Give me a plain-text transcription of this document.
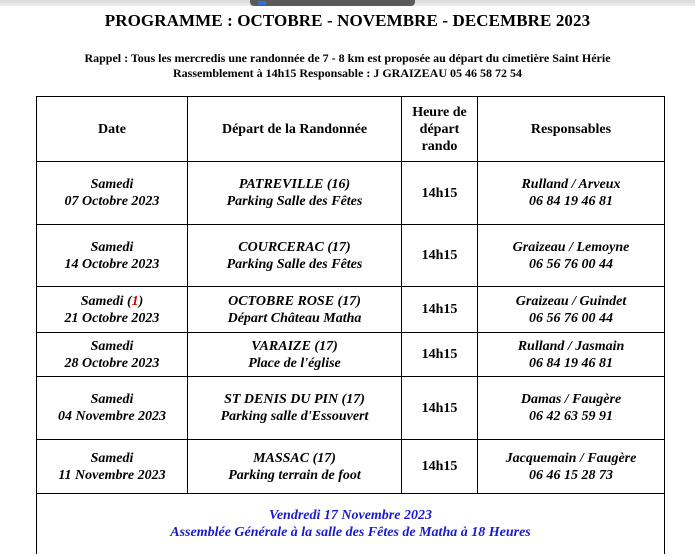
PROGRAMME : OCTOBRE - NOVEMBRE - DECEMBRE 2023
Rappel : Tous les mercredis une randonnée de 7 - 8 km est proposée au départ du cimetière Saint Hérie
Rassemblement à 14h15 Responsable : J GRAIZEAU 05 46 58 72 54
Date	Départ de la Randonnée	Heure de
départ
rando	Responsables

Samedi
07 Octobre 2023	PATREVILLE (16)
Parking Salle des Fêtes	14h15	Rulland / Arveux
06 84 19 46 81

Samedi
14 Octobre 2023	COURCERAC (17)
Parking Salle des Fêtes	14h15	Graizeau / Lemoyne
06 56 76 00 44

Samedi (1)
21 Octobre 2023	OCTOBRE ROSE (17)
Départ Château Matha	14h15	Graizeau / Guindet
06 56 76 00 44

Samedi
28 Octobre 2023	VARAIZE (17)
Place de l'église	14h15	Rulland / Jasmain
06 84 19 46 81

Samedi
04 Novembre 2023	ST DENIS DU PIN (17)
Parking salle d'Essouvert	14h15	Damas / Faugère
06 42 63 59 91

Samedi
11 Novembre 2023	MASSAC (17)
Parking terrain de foot	14h15	Jacquemain / Faugère
06 46 15 28 73

Vendredi 17 Novembre 2023
Assemblée Générale à la salle des Fêtes de Matha à 18 Heures			
